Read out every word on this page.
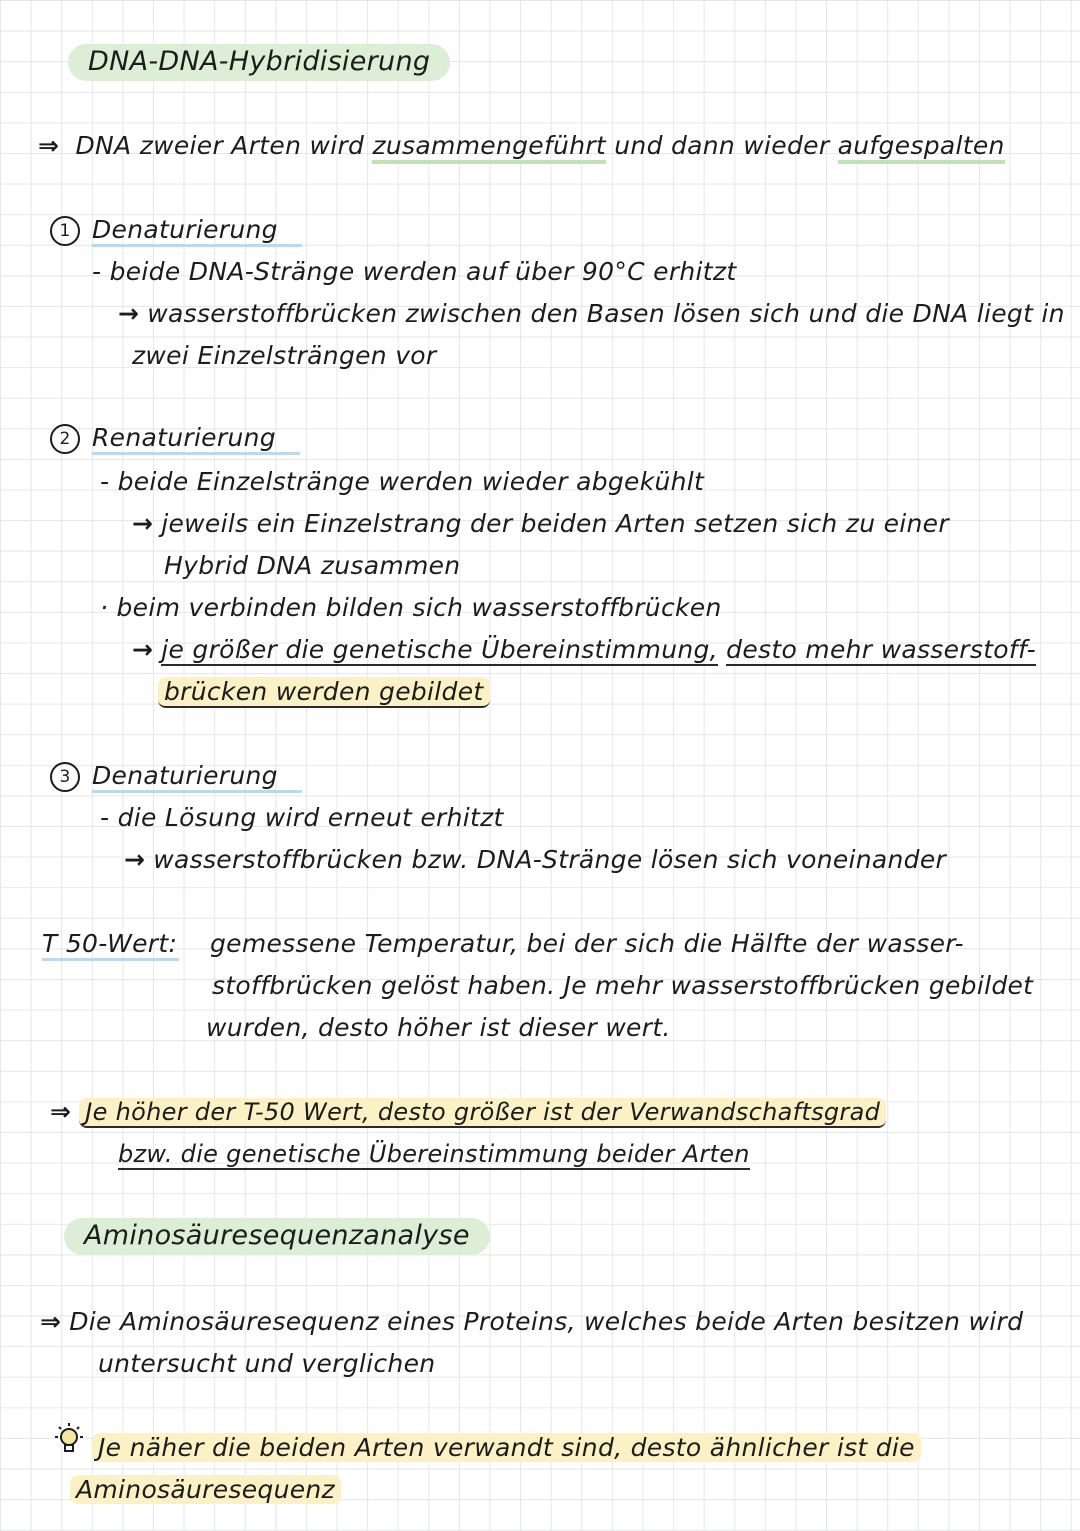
DNA-DNA-Hybridisierung
⇒ DNA zweier Arten wird zusammengeführt und dann wieder aufgespalten
1 Denaturierung
- beide DNA-Stränge werden auf über 90°C erhitzt
→ wasserstoffbrücken zwischen den Basen lösen sich und die DNA liegt in
zwei Einzelsträngen vor
2 Renaturierung
- beide Einzelstränge werden wieder abgekühlt
→ jeweils ein Einzelstrang der beiden Arten setzen sich zu einer
Hybrid DNA zusammen
· beim verbinden bilden sich wasserstoffbrücken
→ je größer die genetische Übereinstimmung, desto mehr wasserstoff-
brücken werden gebildet
3 Denaturierung
- die Lösung wird erneut erhitzt
→ wasserstoffbrücken bzw. DNA-Stränge lösen sich voneinander
T 50-Wert: gemessene Temperatur, bei der sich die Hälfte der wasser-
stoffbrücken gelöst haben. Je mehr wasserstoffbrücken gebildet
wurden, desto höher ist dieser wert.
⇒ Je höher der T-50 Wert, desto größer ist der Verwandschaftsgrad
bzw. die genetische Übereinstimmung beider Arten
Aminosäuresequenzanalyse
⇒ Die Aminosäuresequenz eines Proteins, welches beide Arten besitzen wird
untersucht und verglichen
Je näher die beiden Arten verwandt sind, desto ähnlicher ist die
Aminosäuresequenz
